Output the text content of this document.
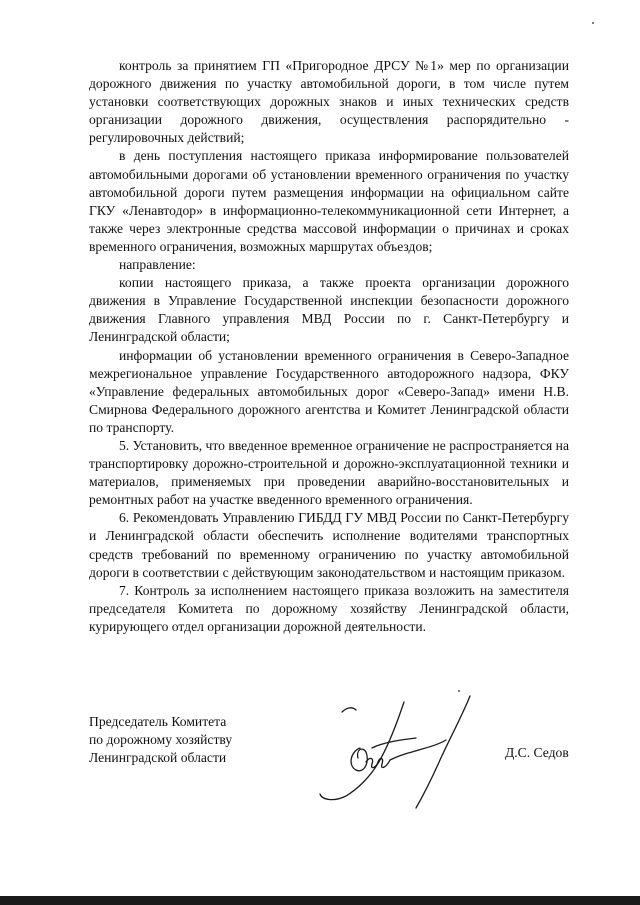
контроль за принятием ГП «Пригородное ДРСУ №1» мер по организации дорожного движения по участку автомобильной дороги, в том числе путем установки соответствующих дорожных знаков и иных технических средств организации дорожного движения, осуществления распорядительно - регулировочных действий;

в день поступления настоящего приказа информирование пользователей автомобильными дорогами об установлении временного ограничения по участку автомобильной дороги путем размещения информации на официальном сайте ГКУ «Ленавтодор» в информационно-телекоммуникационной сети Интернет, а также через электронные средства массовой информации о причинах и сроках временного ограничения, возможных маршрутах объездов;

направление:

копии настоящего приказа, а также проекта организации дорожного движения в Управление Государственной инспекции безопасности дорожного движения Главного управления МВД России по г. Санкт-Петербургу и Ленинградской области;

информации об установлении временного ограничения в Северо-Западное межрегиональное управление Государственного автодорожного надзора, ФКУ «Управление федеральных автомобильных дорог «Северо-Запад» имени Н.В. Смирнова Федерального дорожного агентства и Комитет Ленинградской области по транспорту.

5. Установить, что введенное временное ограничение не распространяется на транспортировку дорожно-строительной и дорожно-эксплуатационной техники и материалов, применяемых при проведении аварийно-восстановительных и ремонтных работ на участке введенного временного ограничения.

6. Рекомендовать Управлению ГИБДД ГУ МВД России по Санкт-Петербургу и Ленинградской области обеспечить исполнение водителями транспортных средств требований по временному ограничению по участку автомобильной дороги в соответствии с действующим законодательством и настоящим приказом.

7. Контроль за исполнением настоящего приказа возложить на заместителя председателя Комитета по дорожному хозяйству Ленинградской области, курирующего отдел организации дорожной деятельности.

Председатель Комитета
по дорожному хозяйству
Ленинградской области	Д.С. Седов
